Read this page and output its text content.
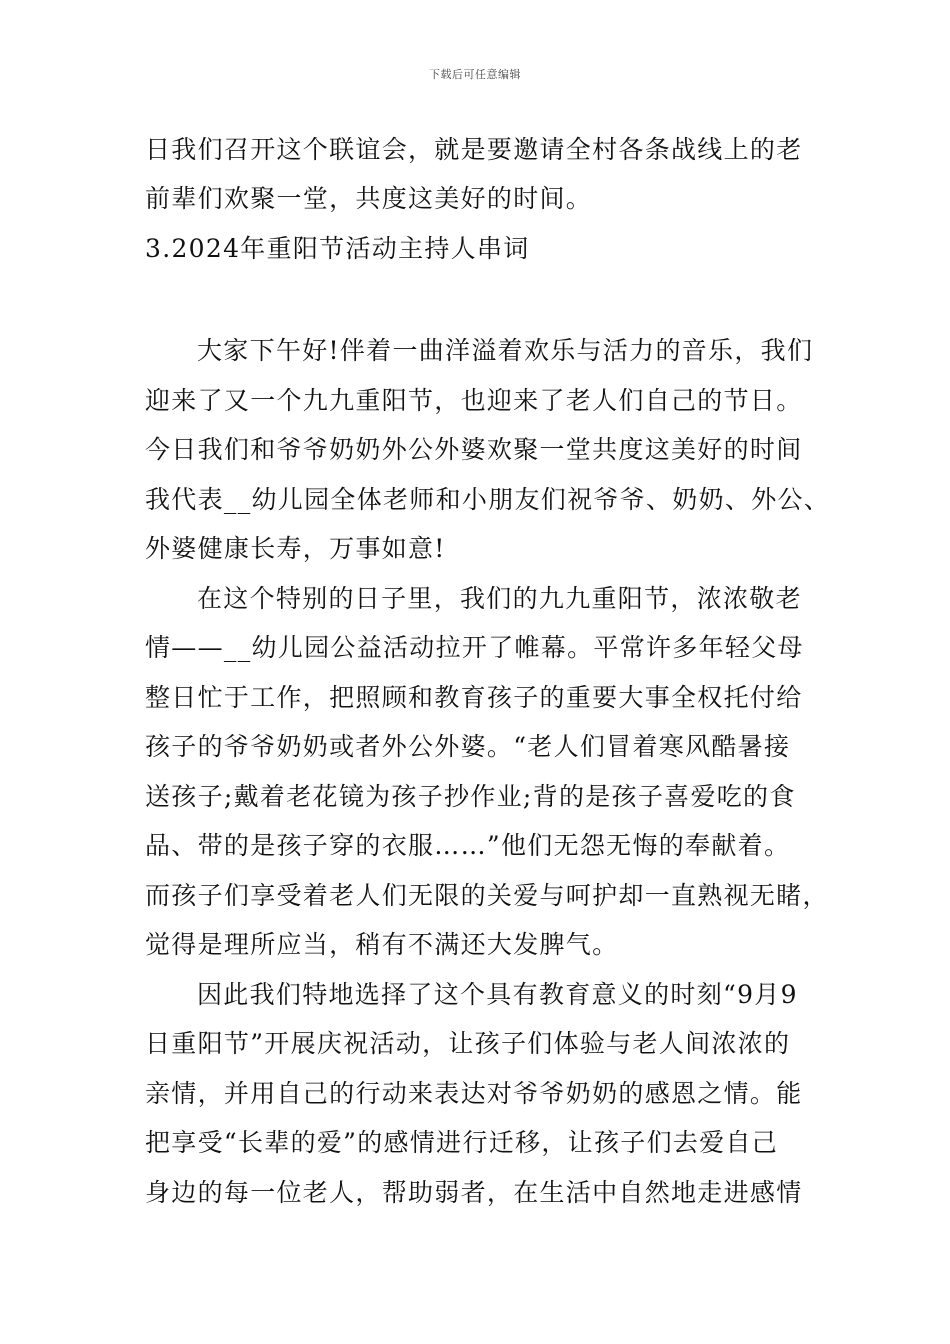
下载后可任意编辑
日我们召开这个联谊会，就是要邀请全村各条战线上的老
前辈们欢聚一堂，共度这美好的时间。
3.2024年重阳节活动主持人串词
大家下午好!伴着一曲洋溢着欢乐与活力的音乐，我们
迎来了又一个九九重阳节，也迎来了老人们自己的节日。
今日我们和爷爷奶奶外公外婆欢聚一堂共度这美好的时间
我代表__幼儿园全体老师和小朋友们祝爷爷、奶奶、外公、
外婆健康长寿，万事如意!
在这个特别的日子里，我们的九九重阳节，浓浓敬老
情——__幼儿园公益活动拉开了帷幕。平常许多年轻父母
整日忙于工作，把照顾和教育孩子的重要大事全权托付给
孩子的爷爷奶奶或者外公外婆。“老人们冒着寒风酷暑接
送孩子;戴着老花镜为孩子抄作业;背的是孩子喜爱吃的食
品、带的是孩子穿的衣服……”他们无怨无悔的奉献着。
而孩子们享受着老人们无限的关爱与呵护却一直熟视无睹，
觉得是理所应当，稍有不满还大发脾气。
因此我们特地选择了这个具有教育意义的时刻“9月9
日重阳节”开展庆祝活动，让孩子们体验与老人间浓浓的
亲情，并用自己的行动来表达对爷爷奶奶的感恩之情。能
把享受“长辈的爱”的感情进行迁移，让孩子们去爱自己
身边的每一位老人，帮助弱者，在生活中自然地走进感情
